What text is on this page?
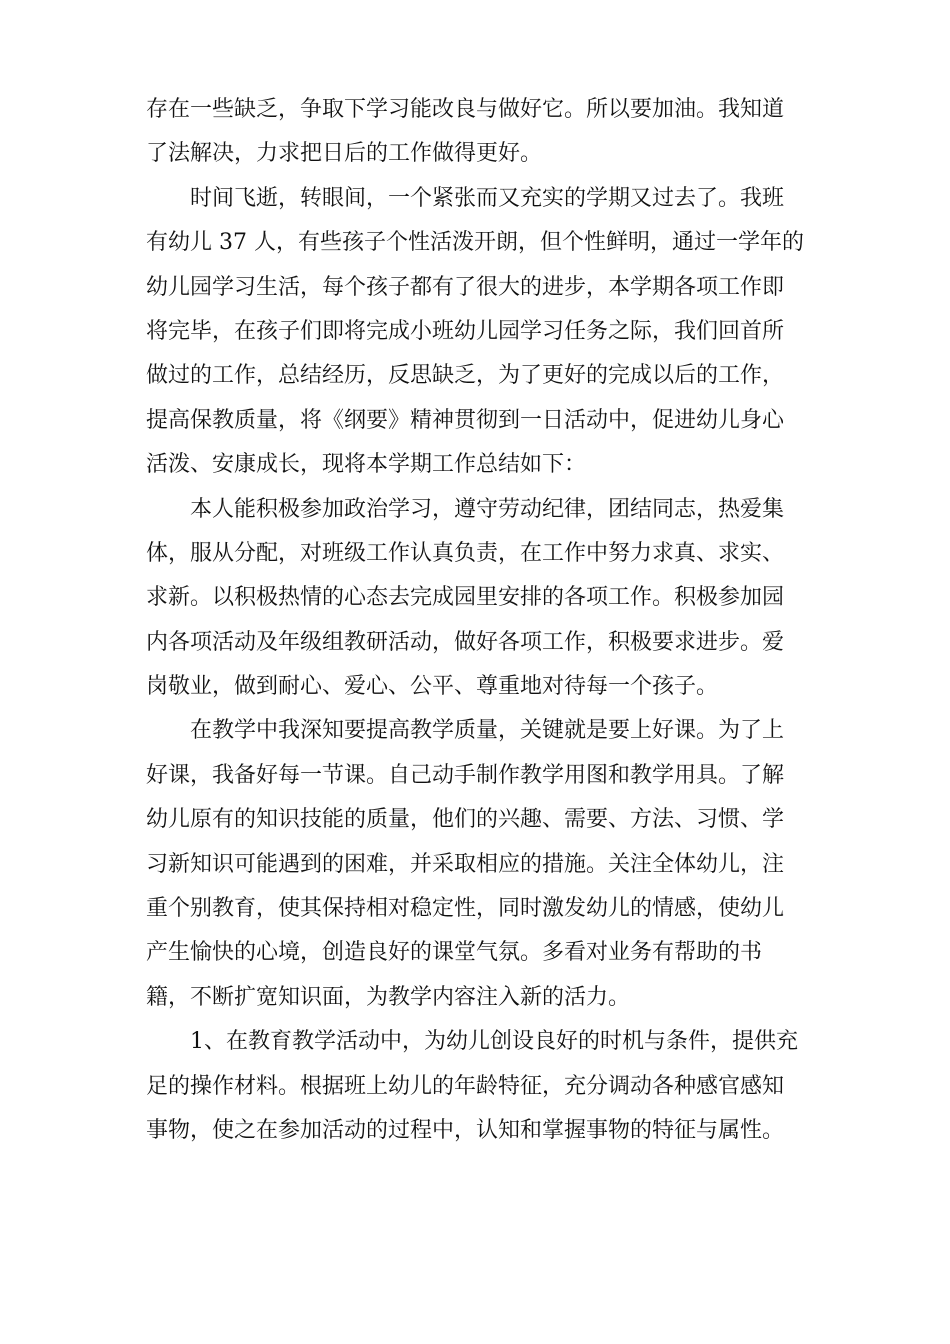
存在一些缺乏，争取下学习能改良与做好它。所以要加油。我知道
了法解决，力求把日后的工作做得更好。
时间飞逝，转眼间，一个紧张而又充实的学期又过去了。我班
有幼儿 37 人，有些孩子个性活泼开朗，但个性鲜明，通过一学年的
幼儿园学习生活，每个孩子都有了很大的进步，本学期各项工作即
将完毕，在孩子们即将完成小班幼儿园学习任务之际，我们回首所
做过的工作，总结经历，反思缺乏，为了更好的完成以后的工作，
提高保教质量，将《纲要》精神贯彻到一日活动中，促进幼儿身心
活泼、安康成长，现将本学期工作总结如下：
本人能积极参加政治学习，遵守劳动纪律，团结同志，热爱集
体，服从分配，对班级工作认真负责，在工作中努力求真、求实、
求新。以积极热情的心态去完成园里安排的各项工作。积极参加园
内各项活动及年级组教研活动，做好各项工作，积极要求进步。爱
岗敬业，做到耐心、爱心、公平、尊重地对待每一个孩子。
在教学中我深知要提高教学质量，关键就是要上好课。为了上
好课，我备好每一节课。自己动手制作教学用图和教学用具。了解
幼儿原有的知识技能的质量，他们的兴趣、需要、方法、习惯、学
习新知识可能遇到的困难，并采取相应的措施。关注全体幼儿，注
重个别教育，使其保持相对稳定性，同时激发幼儿的情感，使幼儿
产生愉快的心境，创造良好的课堂气氛。多看对业务有帮助的书
籍，不断扩宽知识面，为教学内容注入新的活力。
1、在教育教学活动中，为幼儿创设良好的时机与条件，提供充
足的操作材料。根据班上幼儿的年龄特征，充分调动各种感官感知
事物，使之在参加活动的过程中，认知和掌握事物的特征与属性。
